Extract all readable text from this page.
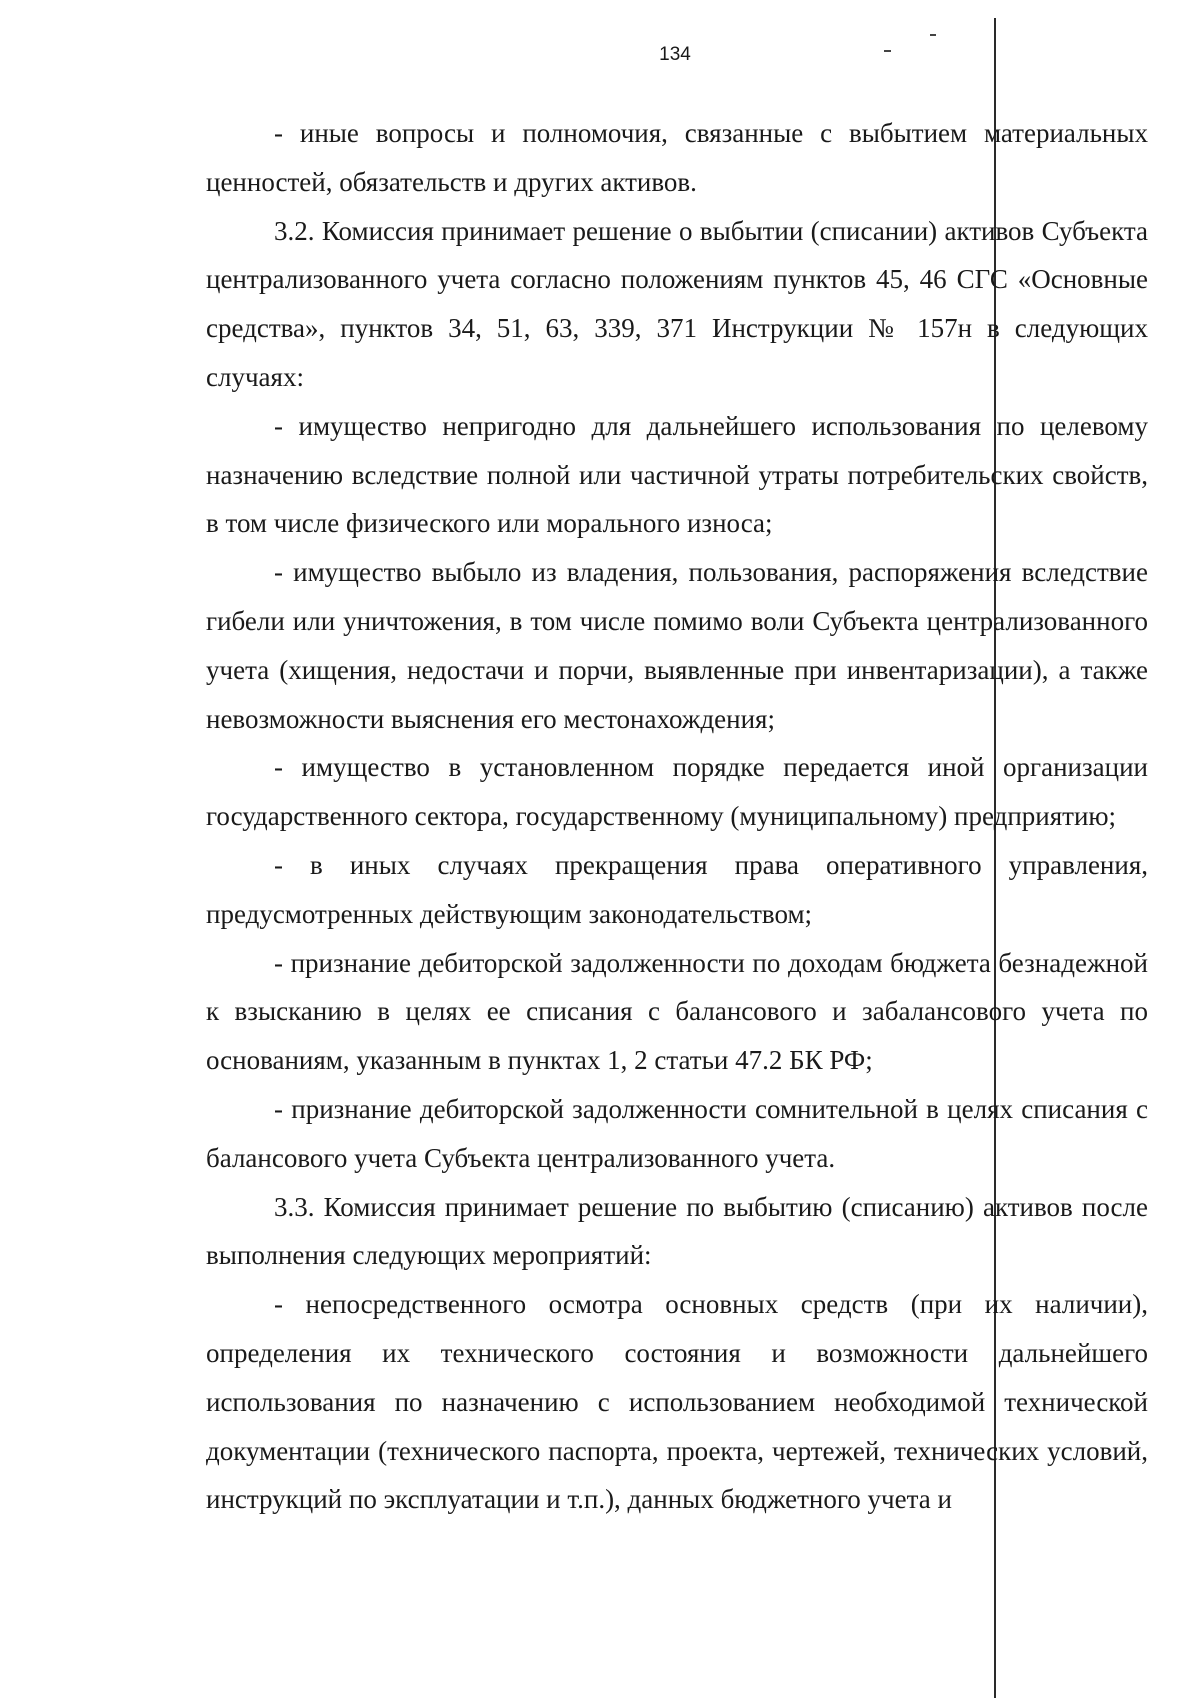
134

- иные вопросы и полномочия, связанные с выбытием материальных ценностей, обязательств и других активов.

3.2. Комиссия принимает решение о выбытии (списании) активов Субъекта централизованного учета согласно положениям пунктов 45, 46 СГС «Основные средства», пунктов 34, 51, 63, 339, 371 Инструкции № 157н в следующих случаях:

- имущество непригодно для дальнейшего использования по целевому назначению вследствие полной или частичной утраты потребительских свойств, в том числе физического или морального износа;

- имущество выбыло из владения, пользования, распоряжения вследствие гибели или уничтожения, в том числе помимо воли Субъекта централизованного учета (хищения, недостачи и порчи, выявленные при инвентаризации), а также невозможности выяснения его местонахождения;

- имущество в установленном порядке передается иной организации государственного сектора, государственному (муниципальному) предприятию;

- в иных случаях прекращения права оперативного управления, предусмотренных действующим законодательством;

- признание дебиторской задолженности по доходам бюджета безнадежной к взысканию в целях ее списания с балансового и забалансового учета по основаниям, указанным в пунктах 1, 2 статьи 47.2 БК РФ;

- признание дебиторской задолженности сомнительной в целях списания с балансового учета Субъекта централизованного учета.

3.3. Комиссия принимает решение по выбытию (списанию) активов после выполнения следующих мероприятий:

- непосредственного осмотра основных средств (при их наличии), определения их технического состояния и возможности дальнейшего использования по назначению с использованием необходимой технической документации (технического паспорта, проекта, чертежей, технических условий, инструкций по эксплуатации и т.п.), данных бюджетного учета и
